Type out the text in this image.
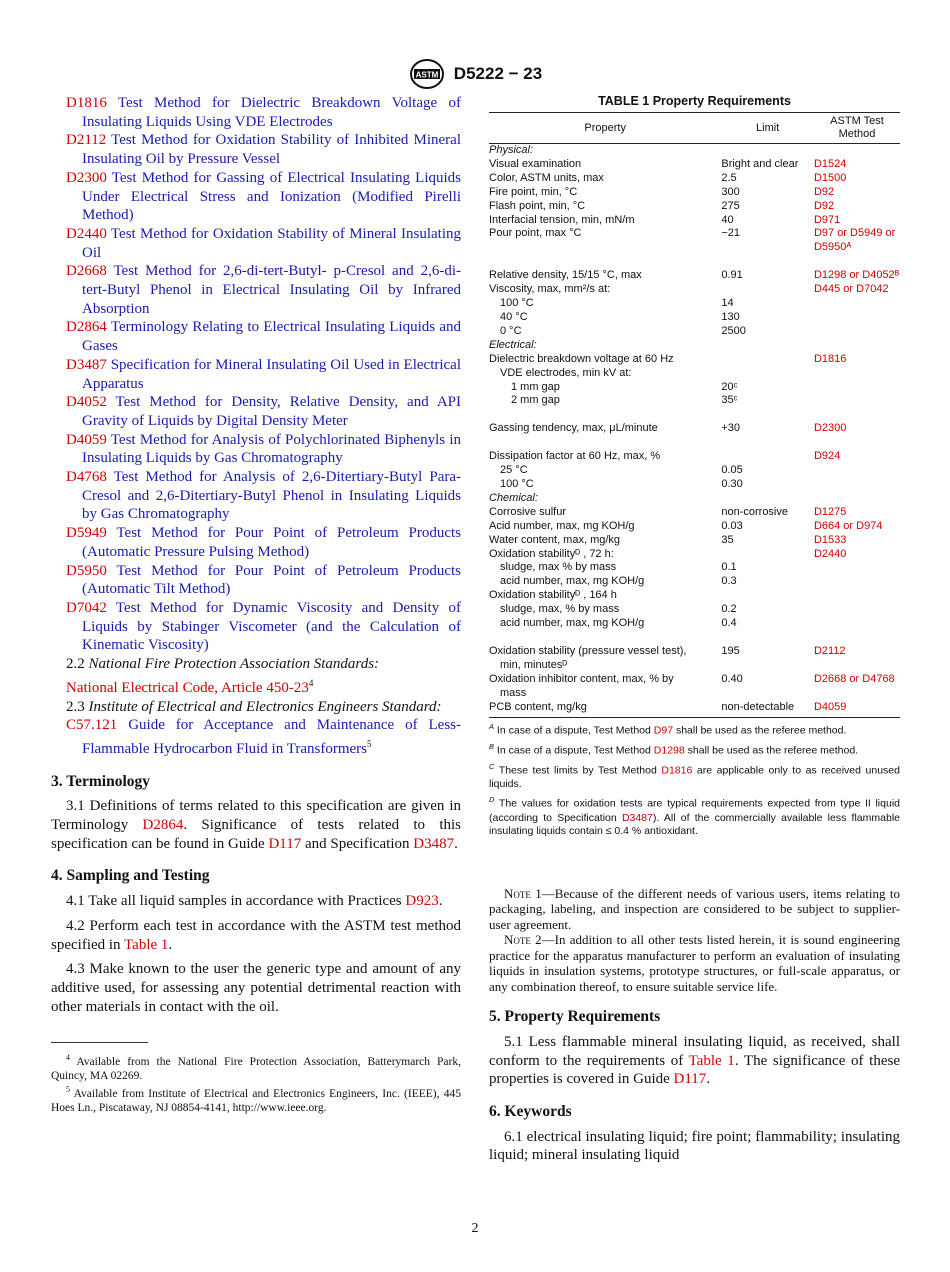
ASTM D5222 − 23

D1816 Test Method for Dielectric Breakdown Voltage of Insulating Liquids Using VDE Electrodes

D2112 Test Method for Oxidation Stability of Inhibited Mineral Insulating Oil by Pressure Vessel

D2300 Test Method for Gassing of Electrical Insulating Liquids Under Electrical Stress and Ionization (Modified Pirelli Method)

D2440 Test Method for Oxidation Stability of Mineral Insulating Oil

D2668 Test Method for 2,6-di-tert-Butyl- p-Cresol and 2,6-di-tert-Butyl Phenol in Electrical Insulating Oil by Infrared Absorption

D2864 Terminology Relating to Electrical Insulating Liquids and Gases

D3487 Specification for Mineral Insulating Oil Used in Electrical Apparatus

D4052 Test Method for Density, Relative Density, and API Gravity of Liquids by Digital Density Meter

D4059 Test Method for Analysis of Polychlorinated Biphenyls in Insulating Liquids by Gas Chromatography

D4768 Test Method for Analysis of 2,6-Ditertiary-Butyl Para-Cresol and 2,6-Ditertiary-Butyl Phenol in Insulating Liquids by Gas Chromatography

D5949 Test Method for Pour Point of Petroleum Products (Automatic Pressure Pulsing Method)

D5950 Test Method for Pour Point of Petroleum Products (Automatic Tilt Method)

D7042 Test Method for Dynamic Viscosity and Density of Liquids by Stabinger Viscometer (and the Calculation of Kinematic Viscosity)

2.2 National Fire Protection Association Standards:

National Electrical Code, Article $450-23^4$

2.3 Institute of Electrical and Electronics Engineers Standard:

C57.121 Guide for Acceptance and Maintenance of Less-Flammable Hydrocarbon Fluid in Transformers$^5$

3. Terminology

3.1 Definitions of terms related to this specification are given in Terminology D2864. Significance of tests related to this specification can be found in Guide D117 and Specification D3487.

4. Sampling and Testing

4.1 Take all liquid samples in accordance with Practices D923.

4.2 Perform each test in accordance with the ASTM test method specified in Table 1.

4.3 Make known to the user the generic type and amount of any additive used, for assessing any potential detrimental reaction with other materials in contact with the oil.

$^4$ Available from the National Fire Protection Association, Batterymarch Park, Quincy, MA 02269.

$^5$ Available from Institute of Electrical and Electronics Engineers, Inc. (IEEE), 445 Hoes Ln., Piscataway, NJ 08854-4141, http://www.ieee.org.

TABLE 1 Property Requirements
Property	Limit	ASTM Test Method
Physical:		
Visual examination	Bright and clear	D1524
Color, ASTM units, max	2.5	D1500
Fire point, min, °C	300	D92
Flash point, min, °C	275	D92
Interfacial tension, min, mN/m	40	D971
Pour point, max °C	−21	D97 or D5949 or
		D5950ᴬ
Relative density, 15/15 °C, max	0.91	D1298 or D4052ᴮ
Viscosity, max, mm²/s at:		D445 or D7042
100 °C	14	
40 °C	130	
0 °C	2500	
Electrical:		
Dielectric breakdown voltage at 60 Hz		D1816
VDE electrodes, min kV at:		
1 mm gap	20ᶜ	
2 mm gap	35ᶜ	
Gassing tendency, max, μL/minute	+30	D2300
Dissipation factor at 60 Hz, max, %		D924
25 °C	0.05	
100 °C	0.30	
Chemical:		
Corrosive sulfur	non-corrosive	D1275
Acid number, max, mg KOH/g	0.03	D664 or D974
Water content, max, mg/kg	35	D1533
Oxidation stabilityᴰ , 72 h:		D2440
sludge, max % by mass	0.1	
acid number, max, mg KOH/g	0.3	
Oxidation stabilityᴰ , 164 h		
sludge, max, % by mass	0.2	
acid number, max, mg KOH/g	0.4	
Oxidation stability (pressure vessel test),	195	D2112
min, minutesᴰ		
Oxidation inhibitor content, max, % by	0.40	D2668 or D4768
mass		
PCB content, mg/kg	non-detectable	D4059

$^A$ In case of a dispute, Test Method D97 shall be used as the referee method.

$^B$ In case of a dispute, Test Method D1298 shall be used as the referee method.

$^C$ These test limits by Test Method D1816 are applicable only to as received unused liquids.

$^D$ The values for oxidation tests are typical requirements expected from type II liquid (according to Specification D3487). All of the commercially available less flammable insulating liquids contain ≤ 0.4 % antioxidant.

Note 1—Because of the different needs of various users, items relating to packaging, labeling, and inspection are considered to be subject to supplier-user agreement.

Note 2—In addition to all other tests listed herein, it is sound engineering practice for the apparatus manufacturer to perform an evaluation of insulating liquids in insulation systems, prototype structures, or full-scale apparatus, or any combination thereof, to ensure suitable service life.

5. Property Requirements

5.1 Less flammable mineral insulating liquid, as received, shall conform to the requirements of Table 1. The significance of these properties is covered in Guide D117.

6. Keywords

6.1 electrical insulating liquid; fire point; flammability; insulating liquid; mineral insulating liquid

2
